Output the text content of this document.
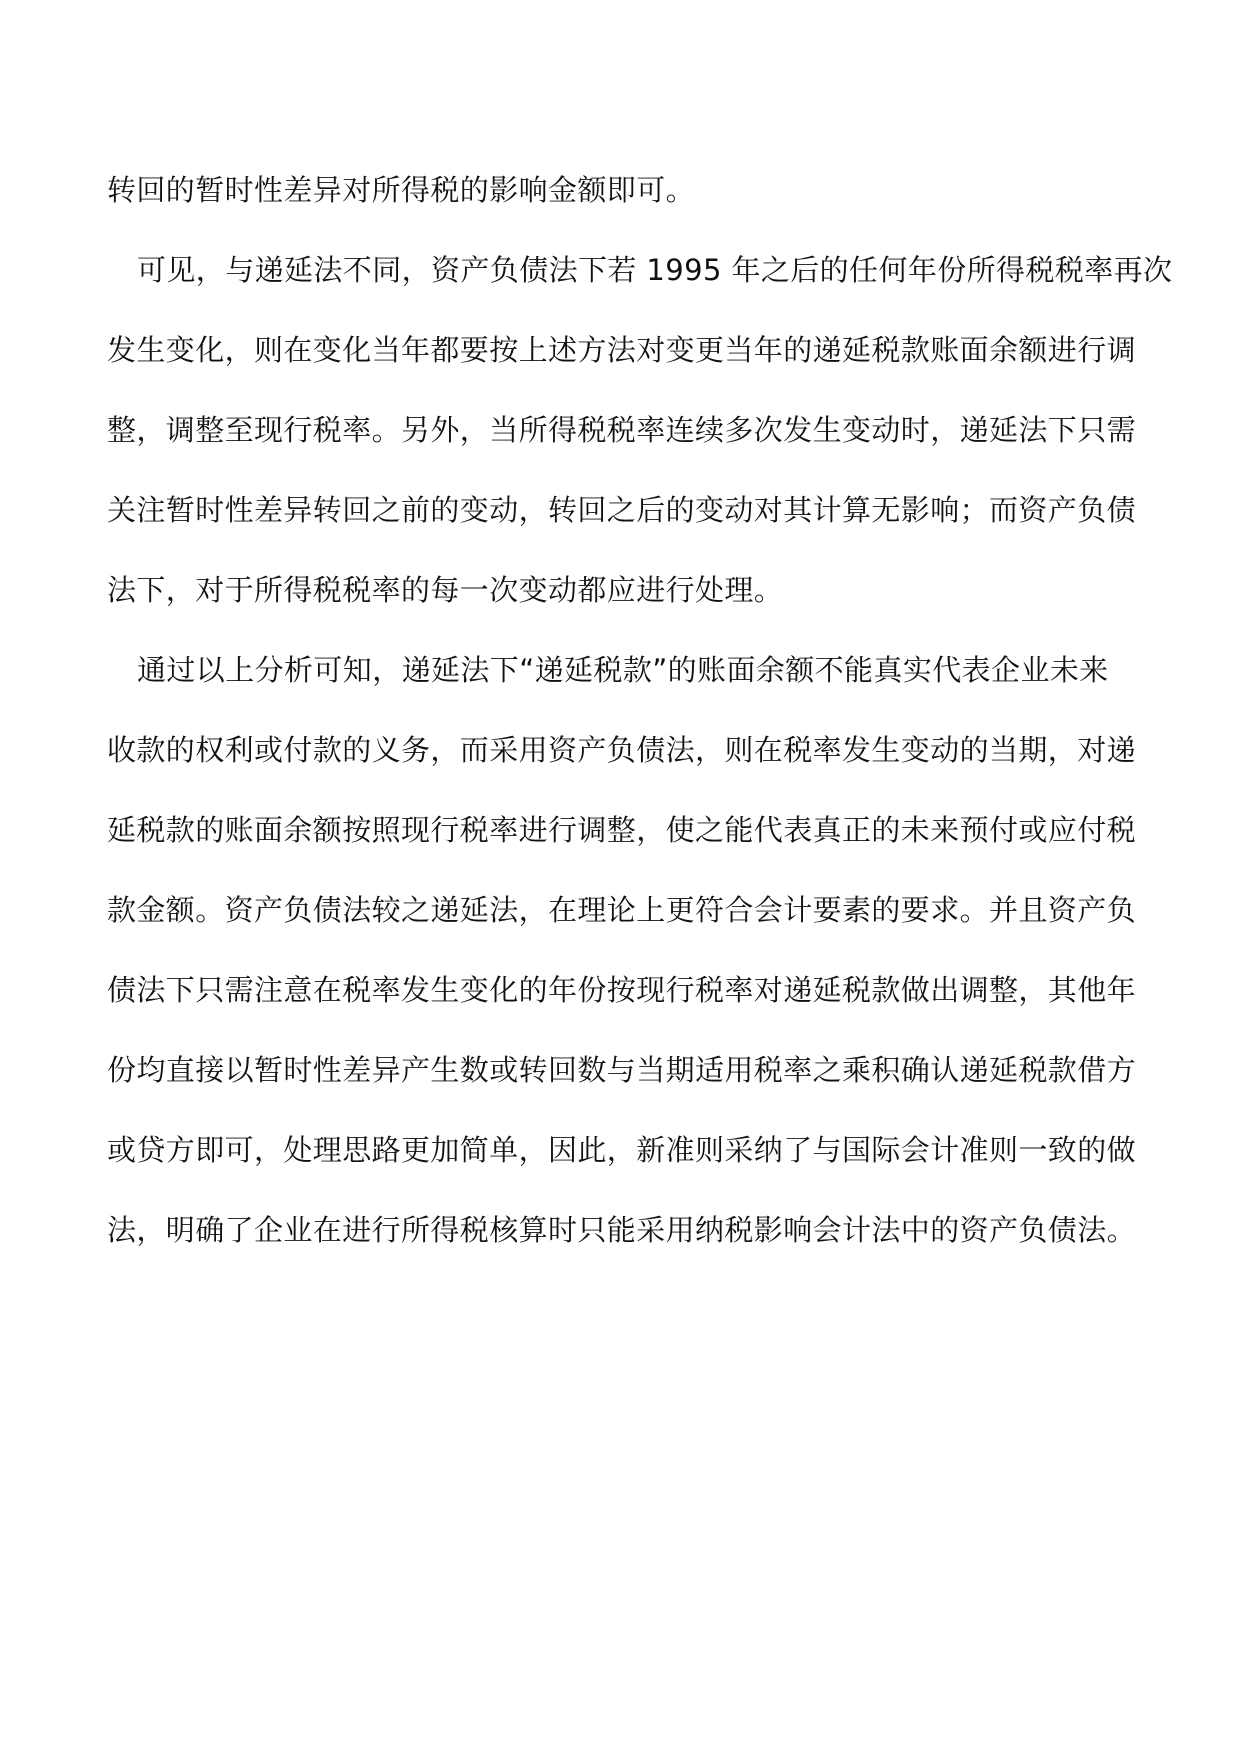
转回的暂时性差异对所得税的影响金额即可。
可见，与递延法不同，资产负债法下若 1995 年之后的任何年份所得税税率再次
发生变化，则在变化当年都要按上述方法对变更当年的递延税款账面余额进行调
整，调整至现行税率。另外，当所得税税率连续多次发生变动时，递延法下只需
关注暂时性差异转回之前的变动，转回之后的变动对其计算无影响；而资产负债
法下，对于所得税税率的每一次变动都应进行处理。
通过以上分析可知，递延法下“递延税款”的账面余额不能真实代表企业未来
收款的权利或付款的义务，而采用资产负债法，则在税率发生变动的当期，对递
延税款的账面余额按照现行税率进行调整，使之能代表真正的未来预付或应付税
款金额。资产负债法较之递延法，在理论上更符合会计要素的要求。并且资产负
债法下只需注意在税率发生变化的年份按现行税率对递延税款做出调整，其他年
份均直接以暂时性差异产生数或转回数与当期适用税率之乘积确认递延税款借方
或贷方即可，处理思路更加简单，因此，新准则采纳了与国际会计准则一致的做
法，明确了企业在进行所得税核算时只能采用纳税影响会计法中的资产负债法。
